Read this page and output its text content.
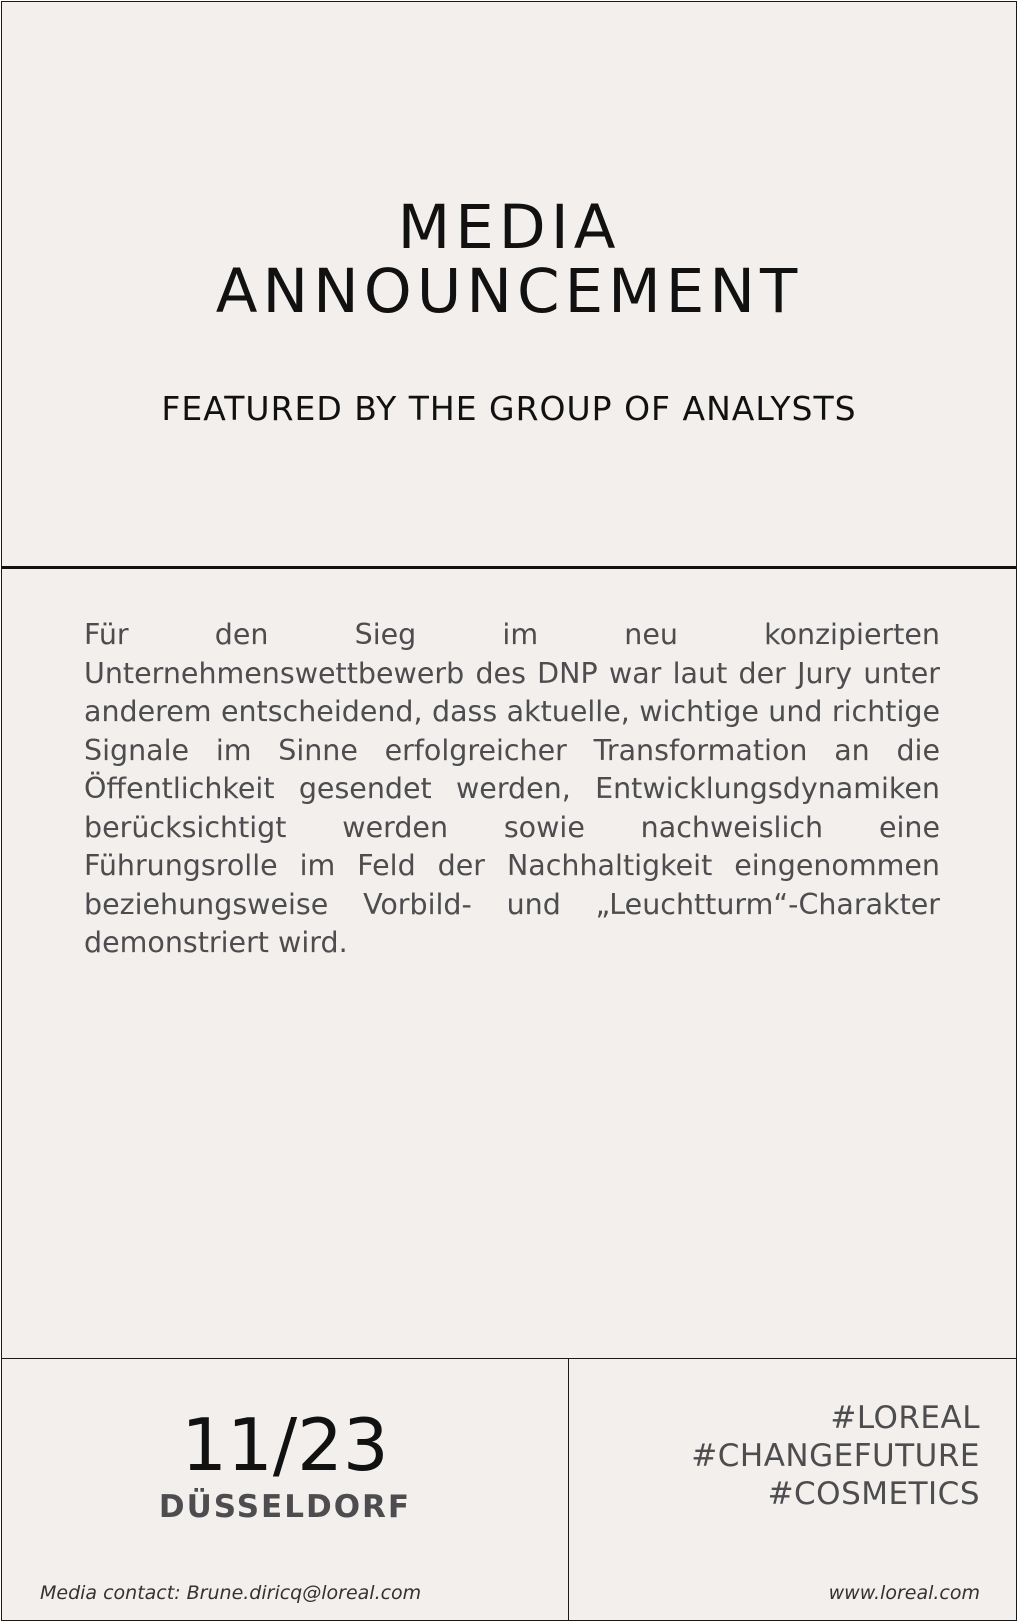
MEDIA
ANNOUNCEMENT
FEATURED BY THE GROUP OF ANALYSTS

Für den Sieg im neu konzipierten Unternehmenswettbewerb des DNP war laut der Jury unter anderem entscheidend, dass aktuelle, wichtige und richtige Signale im Sinne erfolgreicher Transformation an die Öffentlichkeit gesendet werden, Entwicklungsdynamiken berücksichtigt werden sowie nachweislich eine Führungsrolle im Feld der Nachhaltigkeit eingenommen beziehungsweise Vorbild- und „Leuchtturm“-Charakter demonstriert wird.

11/23
DÜSSELDORF
Media contact: Brune.diricq@loreal.com
#LOREAL
#CHANGEFUTURE
#COSMETICS
www.loreal.com
